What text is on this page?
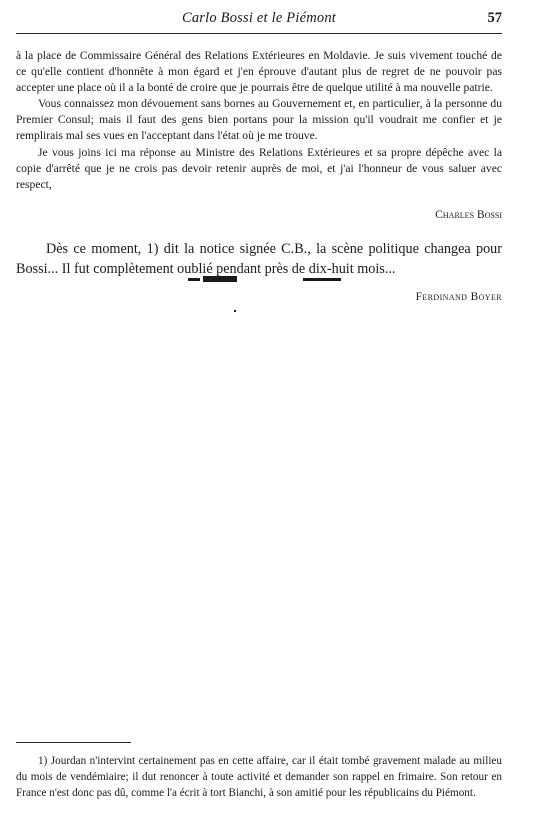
Carlo Bossi et le Piémont	57

à la place de Commissaire Général des Relations Extérieures en Moldavie. Je suis vivement touché de ce qu'elle contient d'honnête à mon égard et j'en éprouve d'autant plus de regret de ne pouvoir pas accepter une place où il a la bonté de croire que je pourrais être de quelque utilité à ma nouvelle patrie.

Vous connaissez mon dévouement sans bornes au Gouvernement et, en particulier, à la personne du Premier Consul; mais il faut des gens bien portans pour la mission qu'il voudrait me confier et je remplirais mal ses vues en l'acceptant dans l'état où je me trouve.

Je vous joins ici ma réponse au Ministre des Relations Extérieures et sa propre dépêche avec la copie d'arrêté que je ne crois pas devoir retenir auprès de moi, et j'ai l'honneur de vous saluer avec respect,

Charles Bossi

Dès ce moment, 1) dit la notice signée C.B., la scène politique changea pour Bossi... Il fut complètement oublié pendant près de dix-huit mois...

Ferdinand Boyer

1) Jourdan n'intervint certainement pas en cette affaire, car il était tombé gravement malade au milieu du mois de vendémiaire; il dut renoncer à toute activité et demander son rappel en frimaire. Son retour en France n'est donc pas dû, comme l'a écrit à tort Bianchi, à son amitié pour les républicains du Piémont.
